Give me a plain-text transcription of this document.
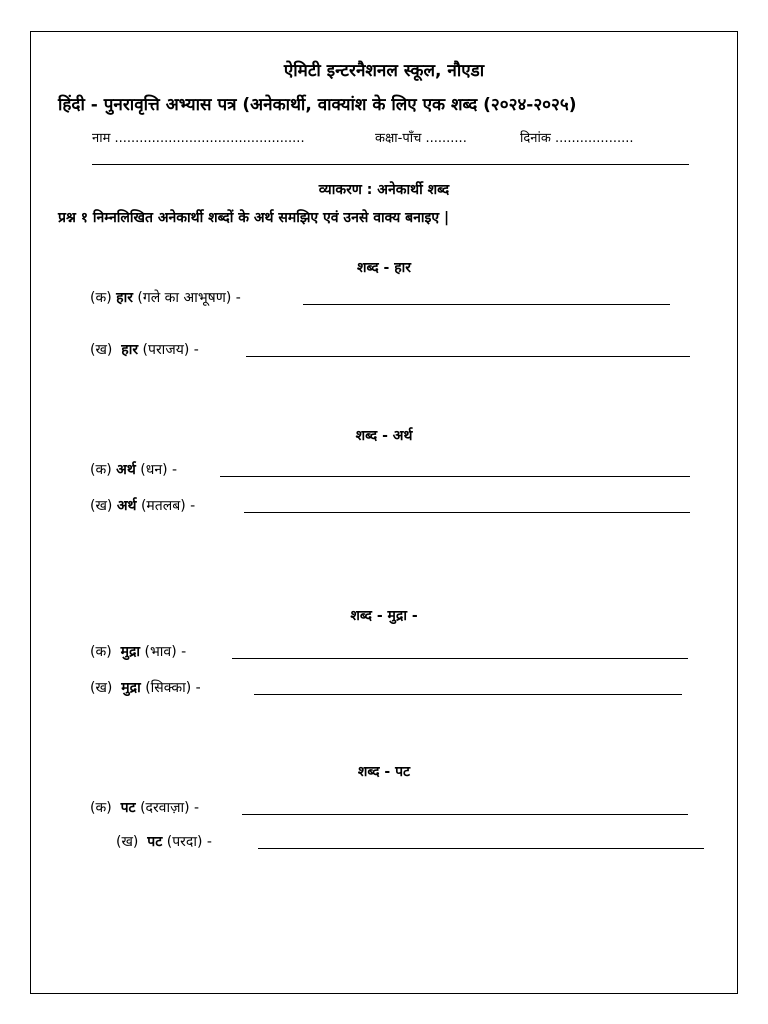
ऐमिटी इन्टरनैशनल स्कूल, नौएडा
हिंदी - पुनरावृत्ति अभ्यास पत्र (अनेकार्थी, वाक्यांश के लिए एक शब्द (२०२४-२०२५)
नाम ..............................................	कक्षा-पाँच ..........	दिनांक ...................
व्याकरण : अनेकार्थी शब्द
प्रश्न १ निम्नलिखित अनेकार्थी शब्दों के अर्थ समझिए एवं उनसे वाक्य बनाइए |
शब्द - हार
(क) हार (गले का आभूषण) -
(ख) हार (पराजय) -
शब्द - अर्थ
(क) अर्थ (धन) -
(ख) अर्थ (मतलब) -
शब्द - मुद्रा -
(क) मुद्रा (भाव) -
(ख) मुद्रा (सिक्का) -
शब्द - पट
(क) पट (दरवाज़ा) -
(ख) पट (परदा) -
